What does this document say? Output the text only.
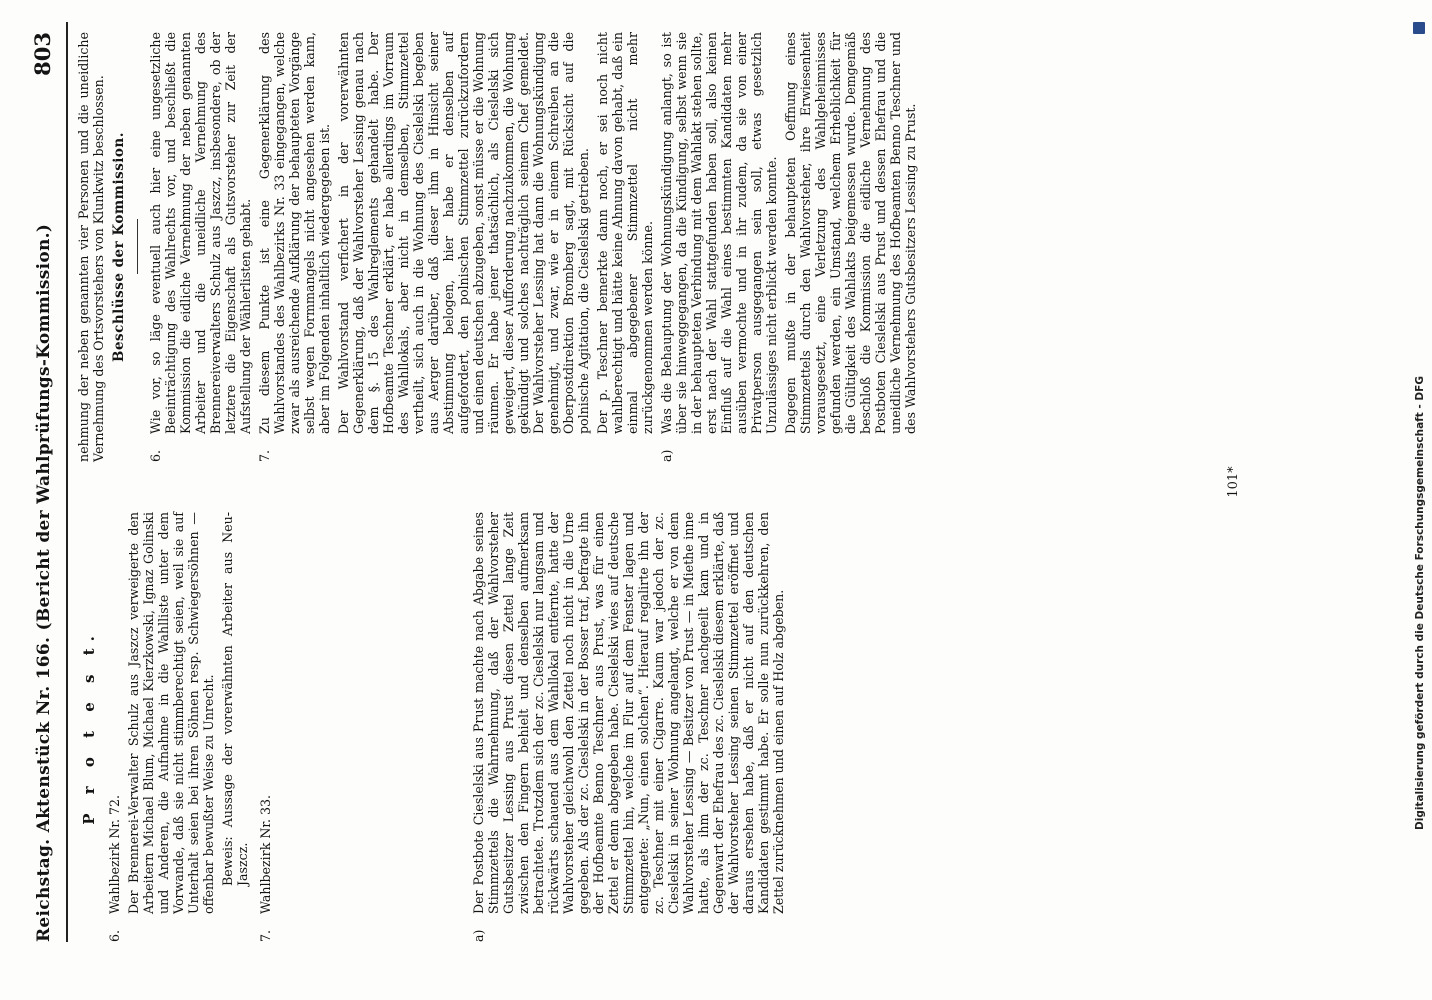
Reichstag. Aktenstück Nr. 166. (Bericht der Wahlprüfungs-Kommission.)
803
P r o t e s t.
6.

Wahlbezirk Nr. 72. Der Brennerei-Verwalter Schulz aus Jaszcz verweigerte den Arbeitern Michael Blum, Michael Kierzkowski, Ignaz Golinski und Anderen, die Aufnahme in die Wahlliste unter dem Vorwande, daß sie nicht stimmberechtigt seien, weil sie auf Unterhalt seien bei ihren Söhnen resp. Schwiegersöhnen — offenbar bewußter Weise zu Unrecht. Beweis: Aussage der vorerwähnten Arbeiter aus Neu-Jaszcz.

7.

Wahlbezirk Nr. 33.

a)

Der Postbote Cieslelski aus Prust machte nach Abgabe seines Stimmzettels die Wahrnehmung, daß der Wahlvorsteher Gutsbesitzer Lessing aus Prust diesen Zettel lange Zeit zwischen den Fingern behielt und denselben aufmerksam betrachtete. Trotzdem sich der zc. Cieslelski nur langsam und rückwärts schauend aus dem Wahllokal entfernte, hatte der Wahlvorsteher gleichwohl den Zettel noch nicht in die Urne gegeben. Als der zc. Cieslelski in der Bosser traf, befragte ihn der Hofbeamte Benno Teschner aus Prust, was für einen Zettel er denn abgegeben habe. Cieslelski wies auf deutsche Stimmzettel hin, welche im Flur auf dem Fenster lagen und entgegnete: „Nun, einen solchen“. Hierauf regalirte ihn der zc. Teschner mit einer Cigarre. Kaum war jedoch der zc. Cieslelski in seiner Wohnung angelangt, welche er von dem Wahlvorsteher Lessing — Besitzer von Prust — in Miethe inne hatte, als ihm der zc. Teschner nachgeeilt kam und in Gegenwart der Ehefrau des zc. Cieslelski diesem erklärte, daß der Wahlvorsteher Lessing seinen Stimmzettel eröffnet und daraus ersehen habe, daß er nicht auf den deutschen Kandidaten gestimmt habe. Er solle nun zurückkehren, den Zettel zurücknehmen und einen auf Holz abgeben.

nehmung der neben genannten vier Personen und die uneidliche Vernehmung des Ortsvorstehers von Klunkwitz beschlossen. Beschlüsse der Kommission.
6.
Wie vor, so läge eventuell auch hier eine ungesetzliche Beeinträchtigung des Wahlrechts vor, und beschließt die Kommission die eidliche Vernehmung der neben genannten Arbeiter und die uneidliche Vernehmung des Brennereiverwalters Schulz aus Jaszcz, insbesondere, ob der letztere die Eigenschaft als Gutsvorsteher zur Zeit der Aufstellung der Wählerlisten gehabt.
7.
Zu diesem Punkte ist eine Gegenerklärung des Wahlvorstandes des Wahlbezirks Nr. 33 eingegangen, welche zwar als ausreichende Aufklärung der behaupteten Vorgänge selbst wegen Formmangels nicht angesehen werden kann, aber im Folgenden inhaltlich wiedergegeben ist. Der Wahlvorstand verfichert in der vorerwähnten Gegenerklärung, daß der Wahlvorsteher Lessing genau nach dem §. 15 des Wahlreglements gehandelt habe. Der Hofbeamte Teschner erklärt, er habe allerdings im Vorraum des Wahllokals, aber nicht in demselben, Stimmzettel vertheilt, sich auch in die Wohnung des Cieslelski begeben aus Aerger darüber, daß dieser ihm in Hinsicht seiner Abstimmung belogen, hier habe er denselben auf aufgefordert, den polnischen Stimmzettel zurückzufordern und einen deutschen abzugeben, sonst müsse er die Wohnung räumen. Er habe jener thatsächlich, als Cieslelski sich geweigert, dieser Aufforderung nachzukommen, die Wohnung gekündigt und solches nachträglich seinem Chef gemeldet. Der Wahlvorsteher Lessing hat dann die Wohnungskündigung genehmigt, und zwar, wie er in einem Schreiben an die Oberpostdirektion Bromberg sagt, mit Rücksicht auf die polnische Agitation, die Cieslelski getrieben. Der p. Teschner bemerkte dann noch, er sei noch nicht wahlberechtigt und hätte keine Ahnung davon gehabt, daß ein einmal abgegebener Stimmzettel nicht mehr zurückgenommen werden könne.
a)
Was die Behauptung der Wohnungskündigung anlangt, so ist über sie hinweggegangen, da die Kündigung, selbst wenn sie in der behaupteten Verbindung mit dem Wahlakt stehen sollte, erst nach der Wahl stattgefunden haben soll, also keinen Einfluß auf die Wahl eines bestimmten Kandidaten mehr ausüben vermochte und in ihr zudem, da sie von einer Privatperson ausgegangen sein soll, etwas gesetzlich Unzulässiges nicht erblickt werden konnte. Dagegen mußte in der behaupteten Oeffnung eines Stimmzettels durch den Wahlvorsteher, ihre Erwiesenheit vorausgesetzt, eine Verletzung des Wahlgeheimnisses gefunden werden, ein Umstand, welchem Erheblichkeit für die Gültigkeit des Wahlakts beigemessen wurde. Demgemäß beschloß die Kommission die eidliche Vernehmung des Postboten Cieslelski aus Prust und dessen Ehefrau und die uneidliche Vernehmung des Hofbeamten Benno Teschner und des Wahlvorstehers Gutsbesitzers Lessing zu Prust.
101*	Digitalisierung gefördert durch die Deutsche Forschungsgemeinschaft - DFG
